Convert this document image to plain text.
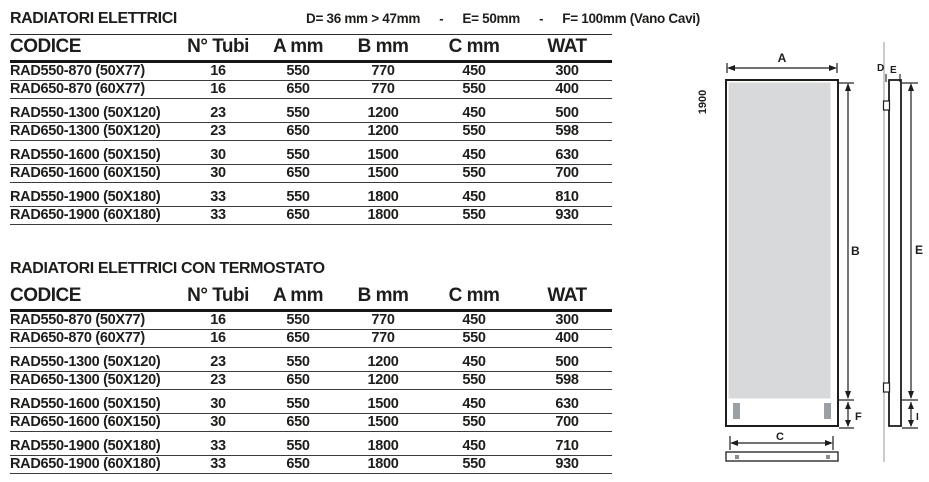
RADIATORI ELETTRICI	D= 36 mm > 47mm - E= 50mm - F= 100mm (Vano Cavi)
CODICE	N° Tubi	A mm	B mm	C mm	WAT
RAD550-870 (50X77)	16	550	770	450	300
RAD650-870 (60X77)	16	650	770	550	400
RAD550-1300 (50X120)	23	550	1200	450	500
RAD650-1300 (50X120)	23	650	1200	550	598
RAD550-1600 (50X150)	30	550	1500	450	630
RAD650-1600 (60X150)	30	650	1500	550	700
RAD550-1900 (50X180)	33	550	1800	450	810
RAD650-1900 (60X180)	33	650	1800	550	930
RADIATORI ELETTRICI CON TERMOSTATO
CODICE	N° Tubi	A mm	B mm	C mm	WAT
RAD550-870 (50X77)	16	550	770	450	300
RAD650-870 (60X77)	16	650	770	550	400
RAD550-1300 (50X120)	23	550	1200	450	500
RAD650-1300 (50X120)	23	650	1200	550	598
RAD550-1600 (50X150)	30	550	1500	450	630
RAD650-1600 (60X150)	30	650	1500	550	700
RAD550-1900 (50X180)	33	550	1800	450	710
RAD650-1900 (60X180)	33	650	1800	550	930
A
1900
B
F
C
D E
E
I
